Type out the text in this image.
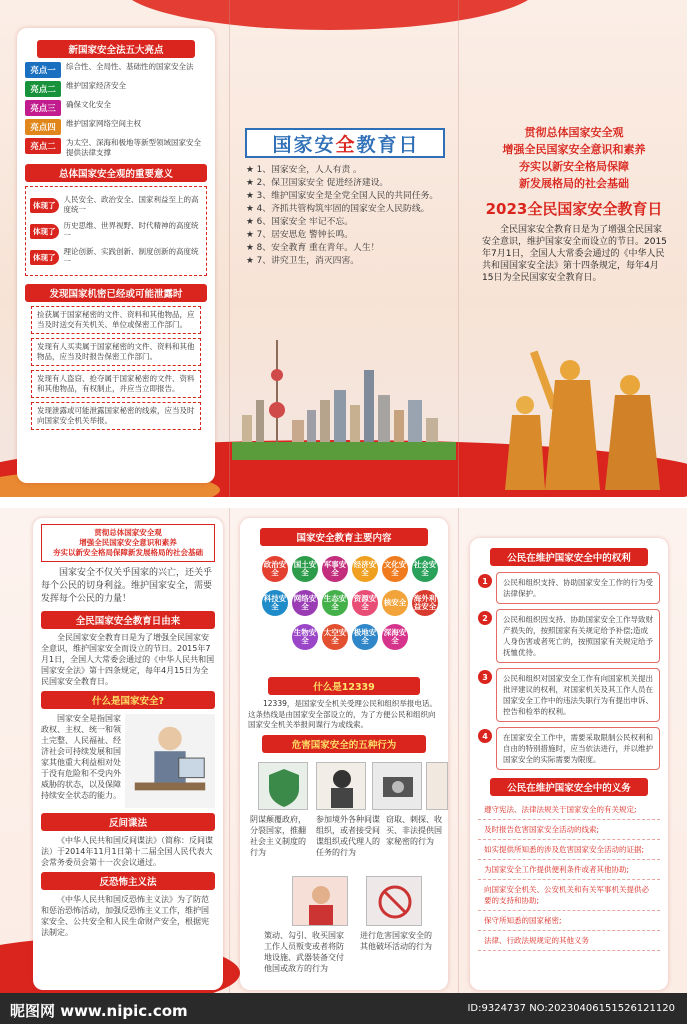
新国家安全法五大亮点
亮点一	综合性、全局性、基础性的国家安全法
亮点二	维护国家经济安全
亮点三	确保文化安全
亮点四	维护国家网络空间主权
亮点二	为太空、深海和极地等新型领域国家安全提供法律支撑
总体国家安全观的重要意义
体现了
人民安全、政治安全、国家利益至上的高度统一
体现了
历史思维、世界视野、时代精神的高度统一
体现了
理论创新、实践创新、制度创新的高度统一
发现国家机密已经或可能泄露时
捡获属于国家秘密的文件、资料和其他物品，应当及时送交有关机关、单位或保密工作部门。
发现有人买卖属于国家秘密的文件、资料和其他物品，应当及时报告保密工作部门。
发现有人盗窃、抢夺属于国家秘密的文件、资料和其他物品，有权制止，并应当立即报告。
发现泄露或可能泄露国家秘密的线索，应当及时向国家安全机关举报。
国 家 安 全 教 育 日
★ 1、国家安全，人人有责 。
★ 2、保卫国家安全 促进经济建设。
★ 3、维护国家安全是全党全国人民的共同任务。
★ 4、齐抓共管构筑牢固的国家安全人民防线。
★ 6、国家安全 牢记不忘。
★ 7、居安思危 警钟长鸣。
★ 8、安全教育 重在青年。人生！
★ 7、讲究卫生，消灭四害。
贯彻总体国家安全观
增强全民国家安全意识和素养
夯实以新安全格局保障
新发展格局的社会基础
2023全民国家安全教育日
全民国家安全教育日是为了增强全民国家安全意识，维护国家安全而设立的节日。2015年7月1日，全国人大常委会通过的《中华人民共和国国家安全法》第十四条规定，每年4月15日为全民国家安全教育日。
贯彻总体国家安全观
增强全民国家安全意识和素养
夯实以新安全格局保障新发展格局的社会基础
国家安全不仅关乎国家的兴亡，还关乎每个公民的切身利益。维护国家安全，需要发挥每个公民的力量！
全民国家安全教育日由来
全民国家安全教育日是为了增强全民国家安全意识，维护国家安全而设立的节日。2015年7月1日，全国人大常委会通过的《中华人民共和国国家安全法》第十四条规定，每年4月15日为全民国家安全教育日。
什么是国家安全?
国家安全是指国家政权、主权、统一和领土完整、人民福祉、经济社会可持续发展和国家其他重大利益相对处于没有危险和不受内外威胁的状态，以及保障持续安全状态的能力。
反间谍法
《中华人民共和国反间谍法》（简称：反间谍法）于2014年11月1日第十二届全国人民代表大会常务委员会第十一次会议通过。
反恐怖主义法
《中华人民共和国反恐怖主义法》为了防范和惩治恐怖活动，加强反恐怖主义工作，维护国家安全、公共安全和人民生命财产安全，根据宪法制定。
国家安全教育主要内容
政治安全
国土安全
军事安全
经济安全
文化安全
社会安全
科技安全
网络安全
生态安全
资源安全	核安全 海外利益安全
生物安全
太空安全
极地安全
深海安全
什么是12339
12339，是国家安全机关受理公民和组织举报电话。这条热线是由国家安全部设立的，为了方便公民和组织向国家安全机关举报间谍行为或线索。
危害国家安全的五种行为
阴谋颠覆政府，分裂国家，推翻社会主义制度的行为
参加境外各种间谍组织，或者接受间谍组织或代理人的任务的行为
窃取、刺探、收买、非法提供国家秘密的行为
策动、勾引、收买国家工作人员叛变或者将防地设施、武器装备交付他国或敌方的行为
进行危害国家安全的其他破坏活动的行为
公民在维护国家安全中的权利
1	公民和组织支持、协助国家安全工作的行为受法律保护。
2	公民和组织因支持、协助国家安全工作导致财产损失的，按照国家有关规定给予补偿;造成人身伤害或者死亡的，按照国家有关规定给予抚恤优待。
3	公民和组织对国家安全工作有向国家机关提出批评建议的权利，对国家机关及其工作人员在国家安全工作中的违法失职行为有提出申诉、控告和检举的权利。
4	在国家安全工作中，需要采取限制公民权利和自由的特别措施时，应当依法进行，并以维护国家安全的实际需要为限度。
公民在维护国家安全中的义务
遵守宪法、法律法规关于国家安全的有关规定;
及时报告危害国家安全活动的线索;
如实提供所知悉的涉及危害国家安全活动的证据;
为国家安全工作提供便利条件或者其他协助;
向国家安全机关、公安机关和有关军事机关提供必要的支持和协助;
保守所知悉的国家秘密;
法律、行政法规规定的其他义务
昵图网 www.nipic.com	ID:9324737 NO:20230406151526121120
